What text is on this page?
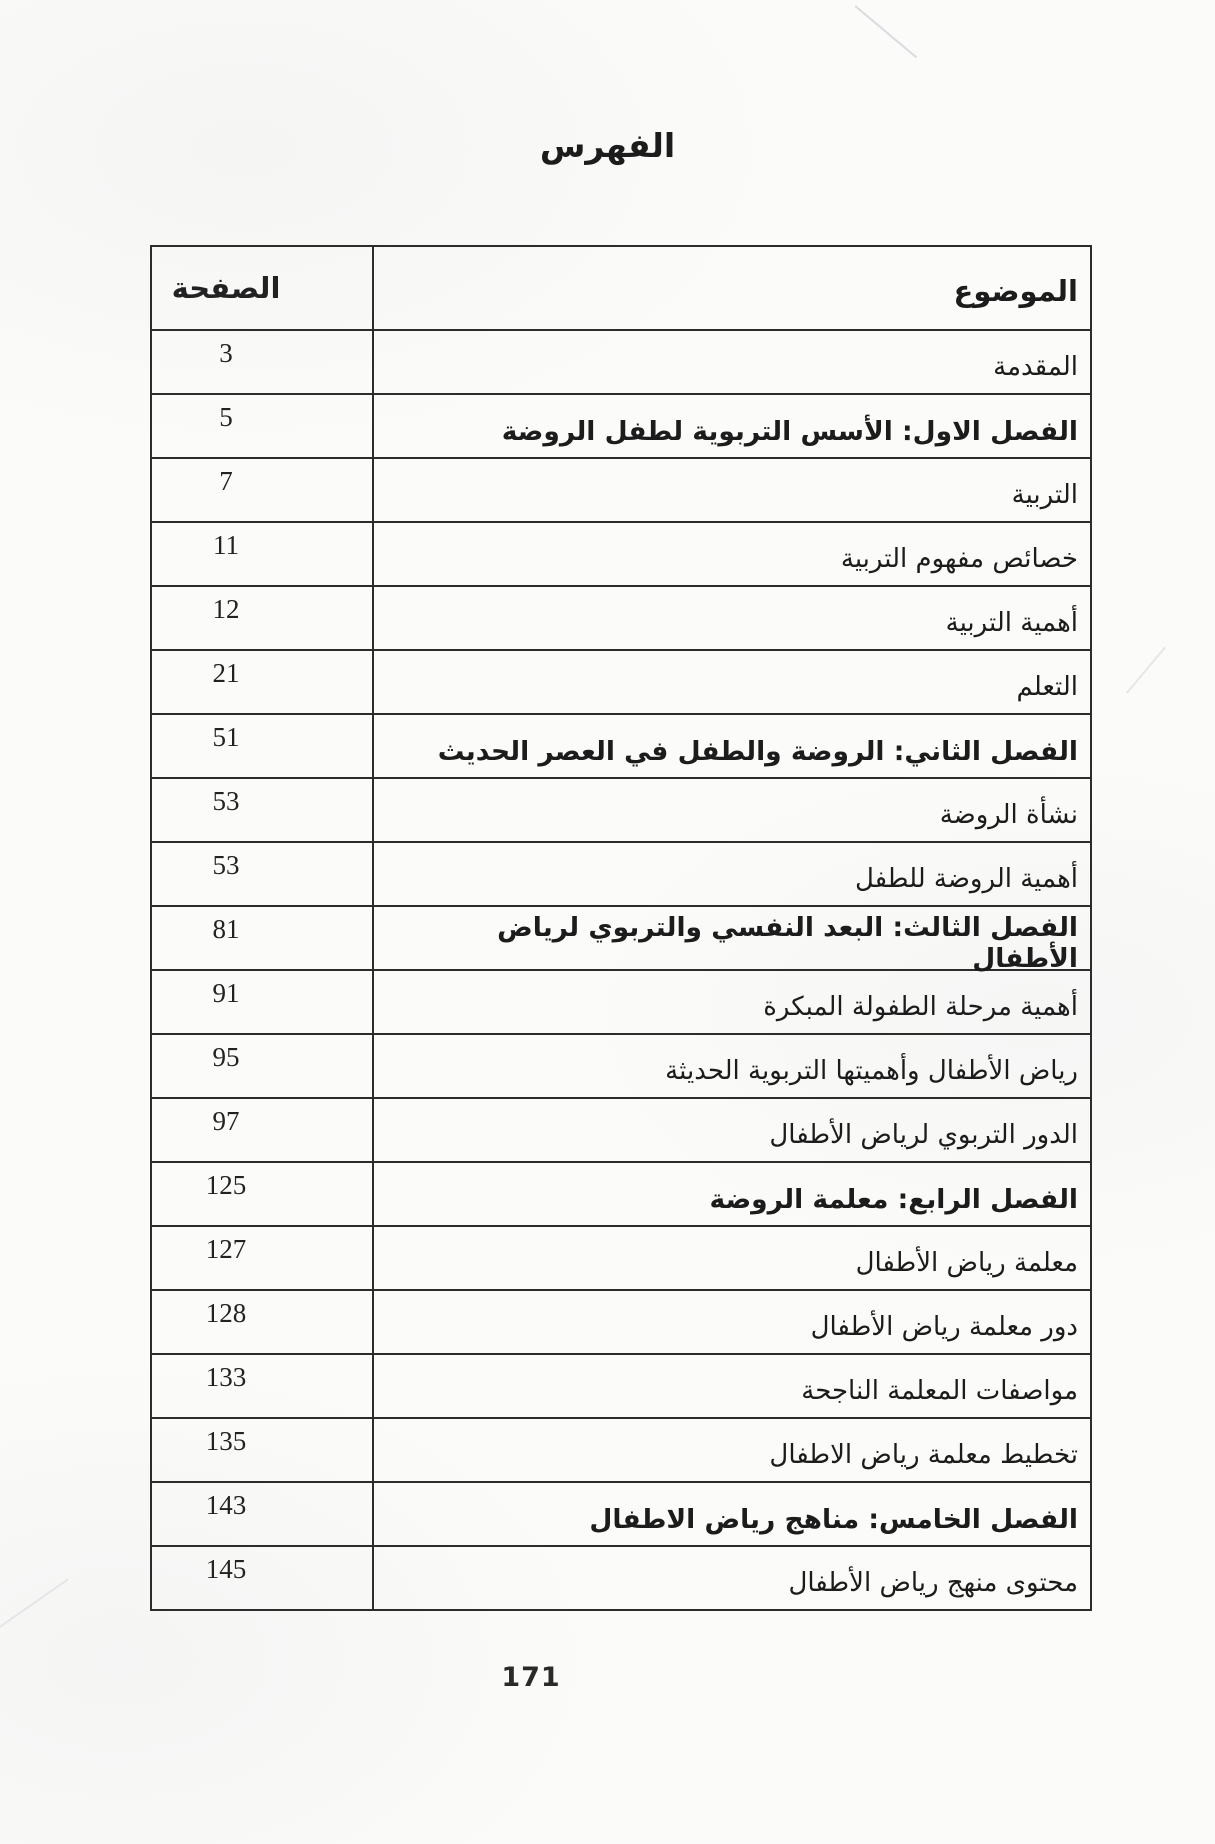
الفهرس
الصفحة	الموضوع
3	المقدمة
5	الفصل الاول: الأسس التربوية لطفل الروضة
7	التربية
11	خصائص مفهوم التربية
12	أهمية التربية
21	التعلم
51	الفصل الثاني: الروضة والطفل في العصر الحديث
53	نشأة الروضة
53	أهمية الروضة للطفل
81	الفصل الثالث: البعد النفسي والتربوي لرياض الأطفال
91	أهمية مرحلة الطفولة المبكرة
95	رياض الأطفال وأهميتها التربوية الحديثة
97	الدور التربوي لرياض الأطفال
125	الفصل الرابع: معلمة الروضة
127	معلمة رياض الأطفال
128	دور معلمة رياض الأطفال
133	مواصفات المعلمة الناجحة
135	تخطيط معلمة رياض الاطفال
143	الفصل الخامس: مناهج رياض الاطفال
145	محتوى منهج رياض الأطفال
171
